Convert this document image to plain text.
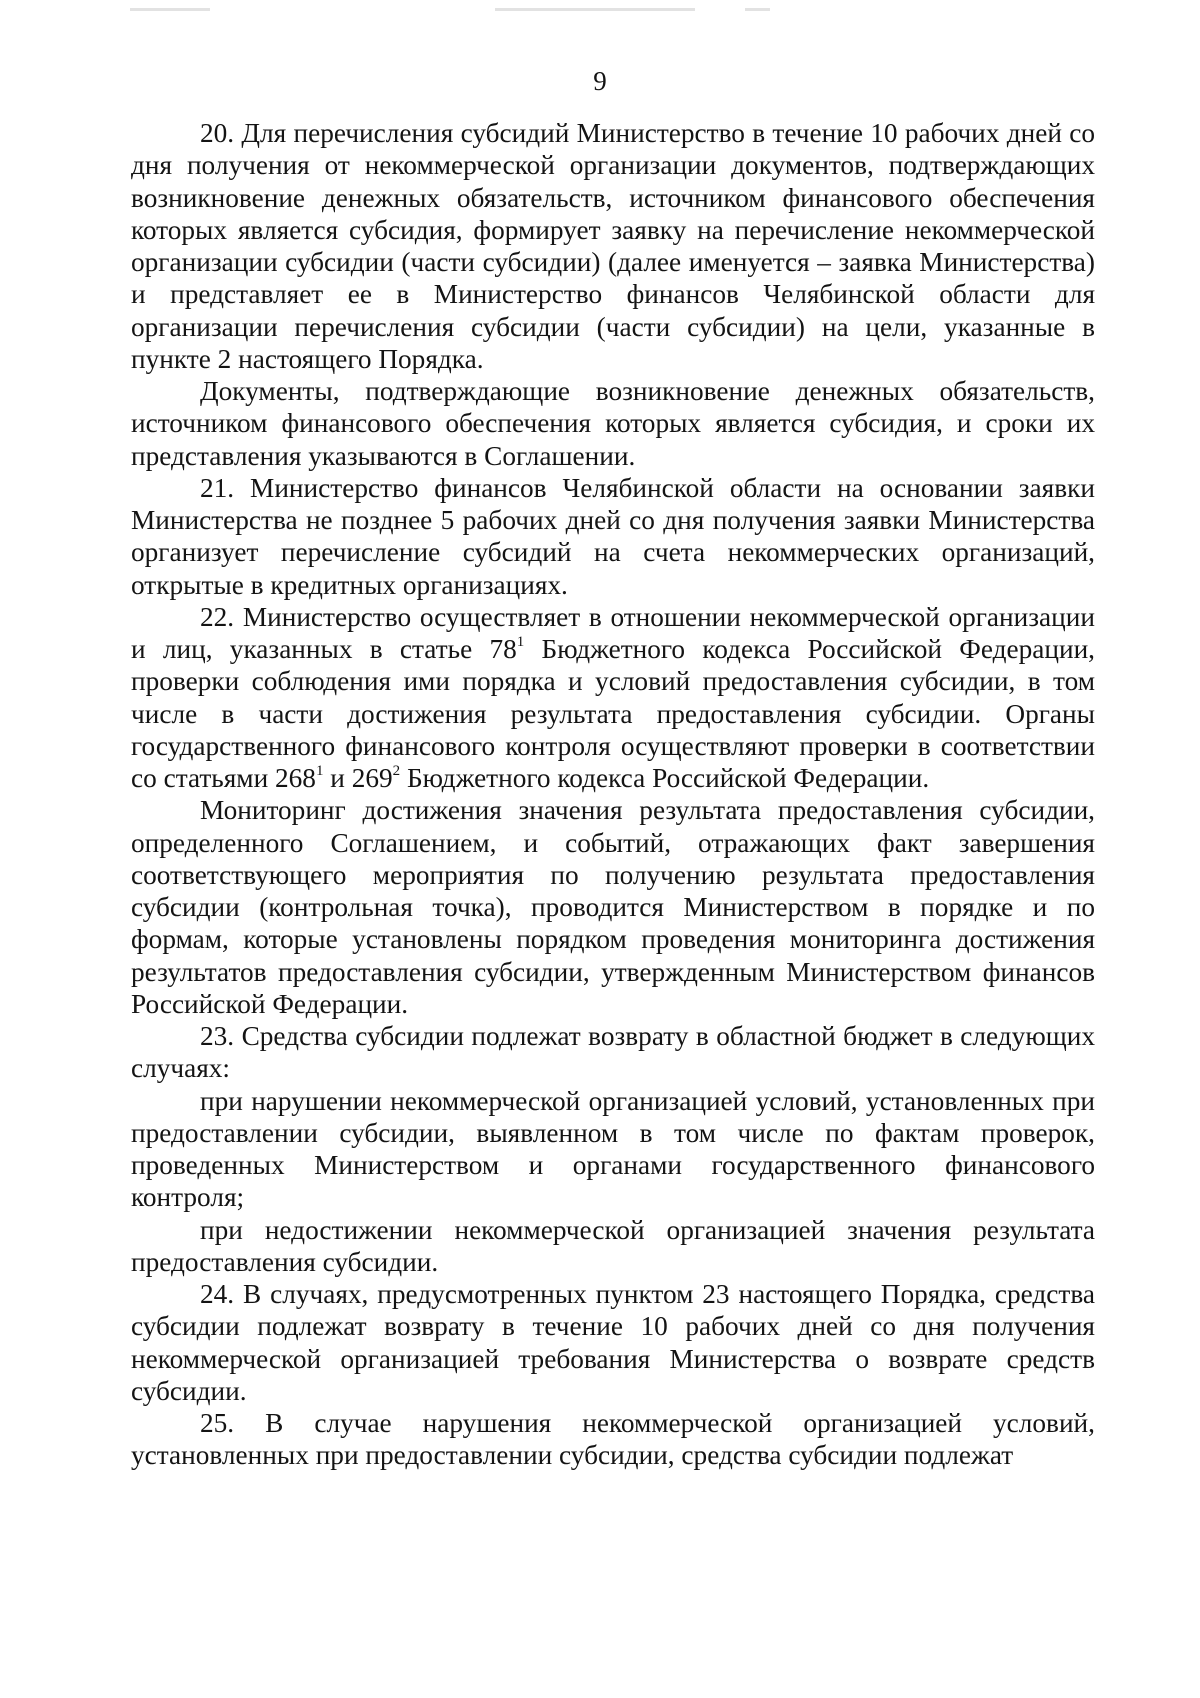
9

20. Для перечисления субсидий Министерство в течение 10 рабочих дней со дня получения от некоммерческой организации документов, подтверждающих возникновение денежных обязательств, источником финансового обеспечения которых является субсидия, формирует заявку на перечисление некоммерческой организации субсидии (части субсидии) (далее именуется – заявка Министерства) и представляет ее в Министерство финансов Челябинской области для организации перечисления субсидии (части субсидии) на цели, указанные в пункте 2 настоящего Порядка.

Документы, подтверждающие возникновение денежных обязательств, источником финансового обеспечения которых является субсидия, и сроки их представления указываются в Соглашении.

21. Министерство финансов Челябинской области на основании заявки Министерства не позднее 5 рабочих дней со дня получения заявки Министерства организует перечисление субсидий на счета некоммерческих организаций, открытые в кредитных организациях.

22. Министерство осуществляет в отношении некоммерческой организации и лиц, указанных в статье $78^1$ Бюджетного кодекса Российской Федерации, проверки соблюдения ими порядка и условий предоставления субсидии, в том числе в части достижения результата предоставления субсидии. Органы государственного финансового контроля осуществляют проверки в соответствии со статьями $268^1$ и $269^2$ Бюджетного кодекса Российской Федерации.

Мониторинг достижения значения результата предоставления субсидии, определенного Соглашением, и событий, отражающих факт завершения соответствующего мероприятия по получению результата предоставления субсидии (контрольная точка), проводится Министерством в порядке и по формам, которые установлены порядком проведения мониторинга достижения результатов предоставления субсидии, утвержденным Министерством финансов Российской Федерации.

23. Средства субсидии подлежат возврату в областной бюджет в следующих случаях:

при нарушении некоммерческой организацией условий, установленных при предоставлении субсидии, выявленном в том числе по фактам проверок, проведенных Министерством и органами государственного финансового контроля;

при недостижении некоммерческой организацией значения результата предоставления субсидии.

24. В случаях, предусмотренных пунктом 23 настоящего Порядка, средства субсидии подлежат возврату в течение 10 рабочих дней со дня получения некоммерческой организацией требования Министерства о возврате средств субсидии.

25. В случае нарушения некоммерческой организацией условий, установленных при предоставлении субсидии, средства субсидии подлежат
